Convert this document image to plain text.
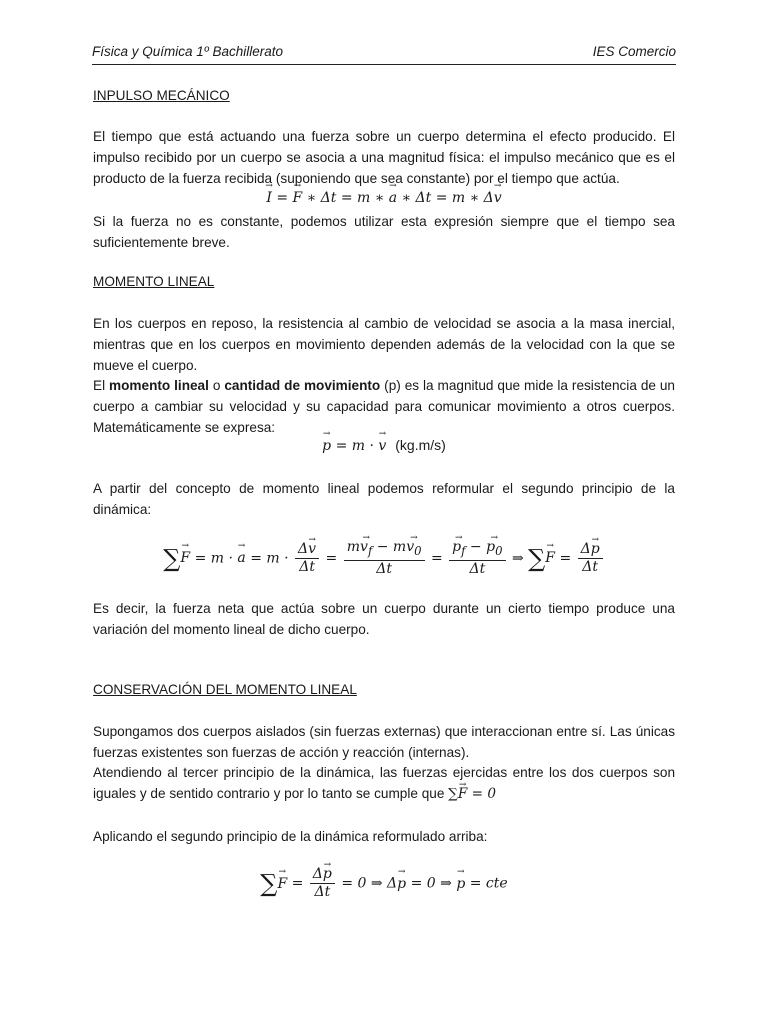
Física y Química 1º Bachillerato	IES Comercio

INPULSO MECÁNICO

El tiempo que está actuando una fuerza sobre un cuerpo determina el efecto producido. El impulso recibido por un cuerpo se asocia a una magnitud física: el impulso mecánico que es el producto de la fuerza recibida (suponiendo que sea constante) por el tiempo que actúa.

→ I = → F ∗ Δt = m ∗ → a ∗ Δt = m ∗ Δ→ v

Si la fuerza no es constante, podemos utilizar esta expresión siempre que el tiempo sea suficientemente breve.

MOMENTO LINEAL

En los cuerpos en reposo, la resistencia al cambio de velocidad se asocia a la masa inercial, mientras que en los cuerpos en movimiento dependen además de la velocidad con la que se mueve el cuerpo.

El momento lineal o cantidad de movimiento (p) es la magnitud que mide la resistencia de un cuerpo a cambiar su velocidad y su capacidad para comunicar movimiento a otros cuerpos. Matemáticamente se expresa:

→ p = m · → v (kg.m/s)

A partir del concepto de momento lineal podemos reformular el segundo principio de la dinámica:

∑→ F = m · → $a = m \cdot \frac{\Delta\to v}{\Delta t} = \frac{m\to v_f - m\to v_0}{\Delta t}$ =
→ $\frac{p_f - \to p_0}{\Delta t}$ ⇒ ∑→ $F = \frac{\Delta\to p}{\Delta t}$

Es decir, la fuerza neta que actúa sobre un cuerpo durante un cierto tiempo produce una variación del momento lineal de dicho cuerpo.

CONSERVACIÓN DEL MOMENTO LINEAL

Supongamos dos cuerpos aislados (sin fuerzas externas) que interaccionan entre sí. Las únicas fuerzas existentes son fuerzas de acción y reacción (internas).

Atendiendo al tercer principio de la dinámica, las fuerzas ejercidas entre los dos cuerpos son iguales y de sentido contrario y por lo tanto se cumple que ∑→ F = 0

Aplicando el segundo principio de la dinámica reformulado arriba:

∑→ $F = \frac{\Delta\to p}{\Delta t} = 0$ ⇒ Δ→ p = 0 ⇒ → p = cte
